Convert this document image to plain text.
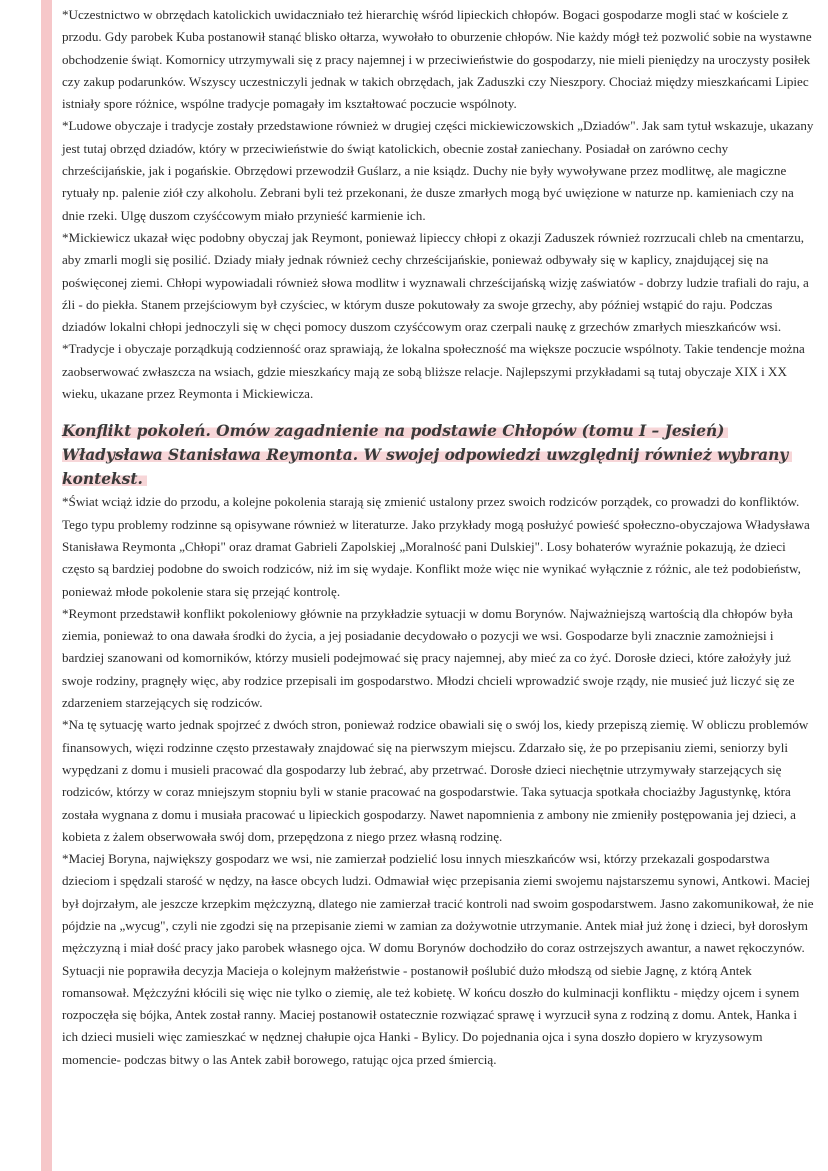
*Uczestnictwo w obrzędach katolickich uwidaczniało też hierarchię wśród lipieckich chłopów. Bogaci gospodarze mogli stać w kościele z przodu. Gdy parobek Kuba postanowił stanąć blisko ołtarza, wywołało to oburzenie chłopów. Nie każdy mógł też pozwolić sobie na wystawne obchodzenie świąt. Komornicy utrzymywali się z pracy najemnej i w przeciwieństwie do gospodarzy, nie mieli pieniędzy na uroczysty posiłek czy zakup podarunków. Wszyscy uczestniczyli jednak w takich obrzędach, jak Zaduszki czy Nieszpory. Chociaż między mieszkańcami Lipiec istniały spore różnice, wspólne tradycje pomagały im kształtować poczucie wspólnoty.

*Ludowe obyczaje i tradycje zostały przedstawione również w drugiej części mickiewiczowskich „Dziadów". Jak sam tytuł wskazuje, ukazany jest tutaj obrzęd dziadów, który w przeciwieństwie do świąt katolickich, obecnie został zaniechany. Posiadał on zarówno cechy chrześcijańskie, jak i pogańskie. Obrzędowi przewodził Guślarz, a nie ksiądz. Duchy nie były wywoływane przez modlitwę, ale magiczne rytuały np. palenie ziół czy alkoholu. Zebrani byli też przekonani, że dusze zmarłych mogą być uwięzione w naturze np. kamieniach czy na dnie rzeki. Ulgę duszom czyśćcowym miało przynieść karmienie ich.

*Mickiewicz ukazał więc podobny obyczaj jak Reymont, ponieważ lipieccy chłopi z okazji Zaduszek również rozrzucali chleb na cmentarzu, aby zmarli mogli się posilić. Dziady miały jednak również cechy chrześcijańskie, ponieważ odbywały się w kaplicy, znajdującej się na poświęconej ziemi. Chłopi wypowiadali również słowa modlitw i wyznawali chrześcijańską wizję zaświatów - dobrzy ludzie trafiali do raju, a źli - do piekła. Stanem przejściowym był czyściec, w którym dusze pokutowały za swoje grzechy, aby później wstąpić do raju. Podczas dziadów lokalni chłopi jednoczyli się w chęci pomocy duszom czyśćcowym oraz czerpali naukę z grzechów zmarłych mieszkańców wsi.

*Tradycje i obyczaje porządkują codzienność oraz sprawiają, że lokalna społeczność ma większe poczucie wspólnoty. Takie tendencje można zaobserwować zwłaszcza na wsiach, gdzie mieszkańcy mają ze sobą bliższe relacje. Najlepszymi przykładami są tutaj obyczaje XIX i XX wieku, ukazane przez Reymonta i Mickiewicza.

Konflikt pokoleń. Omów zagadnienie na podstawie Chłopów (tomu I – Jesień) Władysława Stanisława Reymonta. W swojej odpowiedzi uwzględnij również wybrany kontekst.

*Świat wciąż idzie do przodu, a kolejne pokolenia starają się zmienić ustalony przez swoich rodziców porządek, co prowadzi do konfliktów. Tego typu problemy rodzinne są opisywane również w literaturze. Jako przykłady mogą posłużyć powieść społeczno-obyczajowa Władysława Stanisława Reymonta „Chłopi" oraz dramat Gabrieli Zapolskiej „Moralność pani Dulskiej". Losy bohaterów wyraźnie pokazują, że dzieci często są bardziej podobne do swoich rodziców, niż im się wydaje. Konflikt może więc nie wynikać wyłącznie z różnic, ale też podobieństw, ponieważ młode pokolenie stara się przejąć kontrolę.

*Reymont przedstawił konflikt pokoleniowy głównie na przykładzie sytuacji w domu Borynów. Najważniejszą wartością dla chłopów była ziemia, ponieważ to ona dawała środki do życia, a jej posiadanie decydowało o pozycji we wsi. Gospodarze byli znacznie zamożniejsi i bardziej szanowani od komorników, którzy musieli podejmować się pracy najemnej, aby mieć za co żyć. Dorosłe dzieci, które założyły już swoje rodziny, pragnęły więc, aby rodzice przepisali im gospodarstwo. Młodzi chcieli wprowadzić swoje rządy, nie musieć już liczyć się ze zdarzeniem starzejących się rodziców.

*Na tę sytuację warto jednak spojrzeć z dwóch stron, ponieważ rodzice obawiali się o swój los, kiedy przepiszą ziemię. W obliczu problemów finansowych, więzi rodzinne często przestawały znajdować się na pierwszym miejscu. Zdarzało się, że po przepisaniu ziemi, seniorzy byli wypędzani z domu i musieli pracować dla gospodarzy lub żebrać, aby przetrwać. Dorosłe dzieci niechętnie utrzymywały starzejących się rodziców, którzy w coraz mniejszym stopniu byli w stanie pracować na gospodarstwie. Taka sytuacja spotkała chociażby Jagustynkę, która została wygnana z domu i musiała pracować u lipieckich gospodarzy. Nawet napomnienia z ambony nie zmieniły postępowania jej dzieci, a kobieta z żalem obserwowała swój dom, przepędzona z niego przez własną rodzinę.

*Maciej Boryna, największy gospodarz we wsi, nie zamierzał podzielić losu innych mieszkańców wsi, którzy przekazali gospodarstwa dzieciom i spędzali starość w nędzy, na łasce obcych ludzi. Odmawiał więc przepisania ziemi swojemu najstarszemu synowi, Antkowi. Maciej był dojrzałym, ale jeszcze krzepkim mężczyzną, dlatego nie zamierzał tracić kontroli nad swoim gospodarstwem. Jasno zakomunikował, że nie pójdzie na „wycug", czyli nie zgodzi się na przepisanie ziemi w zamian za dożywotnie utrzymanie. Antek miał już żonę i dzieci, był dorosłym mężczyzną i miał dość pracy jako parobek własnego ojca. W domu Borynów dochodziło do coraz ostrzejszych awantur, a nawet rękoczynów. Sytuacji nie poprawiła decyzja Macieja o kolejnym małżeństwie - postanowił poślubić dużo młodszą od siebie Jagnę, z którą Antek romansował. Mężczyźni kłócili się więc nie tylko o ziemię, ale też kobietę. W końcu doszło do kulminacji konfliktu - między ojcem i synem rozpoczęła się bójka, Antek został ranny. Maciej postanowił ostatecznie rozwiązać sprawę i wyrzucił syna z rodziną z domu. Antek, Hanka i ich dzieci musieli więc zamieszkać w nędznej chałupie ojca Hanki - Bylicy. Do pojednania ojca i syna doszło dopiero w kryzysowym momencie- podczas bitwy o las Antek zabił borowego, ratując ojca przed śmiercią.
